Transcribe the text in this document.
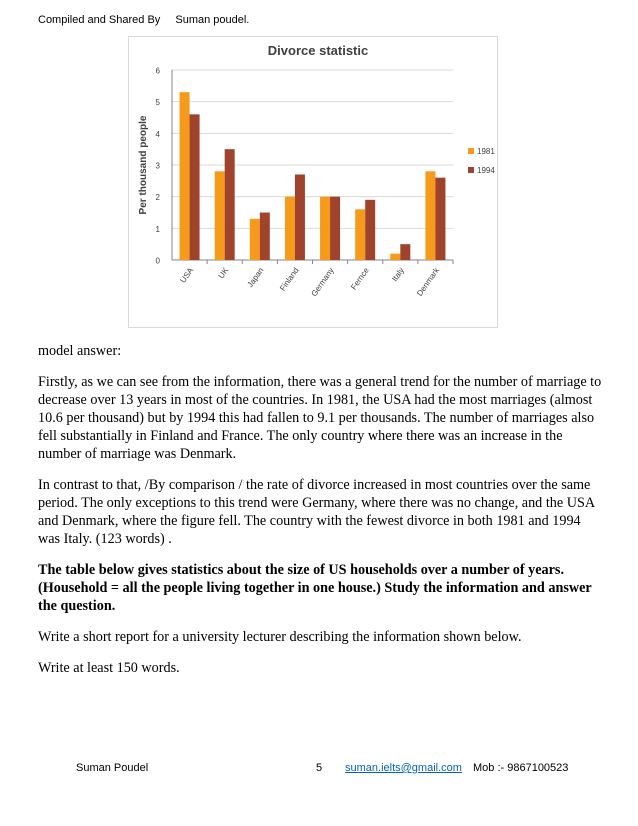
Compiled and Shared By Suman poudel.
Divorce statistic
0
1
2
3
4
5
6
Per thousand people
USA	UK Japan Finland Germany Fernce Italy Denmark
1981
1994

model answer:

Firstly, as we can see from the information, there was a general trend for the number of marriage to decrease over 13 years in most of the countries. In 1981, the USA had the most marriages (almost 10.6 per thousand) but by 1994 this had fallen to 9.1 per thousands. The number of marriages also fell substantially in Finland and France. The only country where there was an increase in the number of marriage was Denmark.

In contrast to that, /By comparison / the rate of divorce increased in most countries over the same period. The only exceptions to this trend were Germany, where there was no change, and the USA and Denmark, where the figure fell. The country with the fewest divorce in both 1981 and 1994 was Italy. (123 words) .

The table below gives statistics about the size of US households over a number of years. (Household = all the people living together in one house.) Study the information and answer the question.

Write a short report for a university lecturer describing the information shown below.

Write at least 150 words.

Suman Poudel	5 suman.ielts@gmail.com Mob :- 9867100523
